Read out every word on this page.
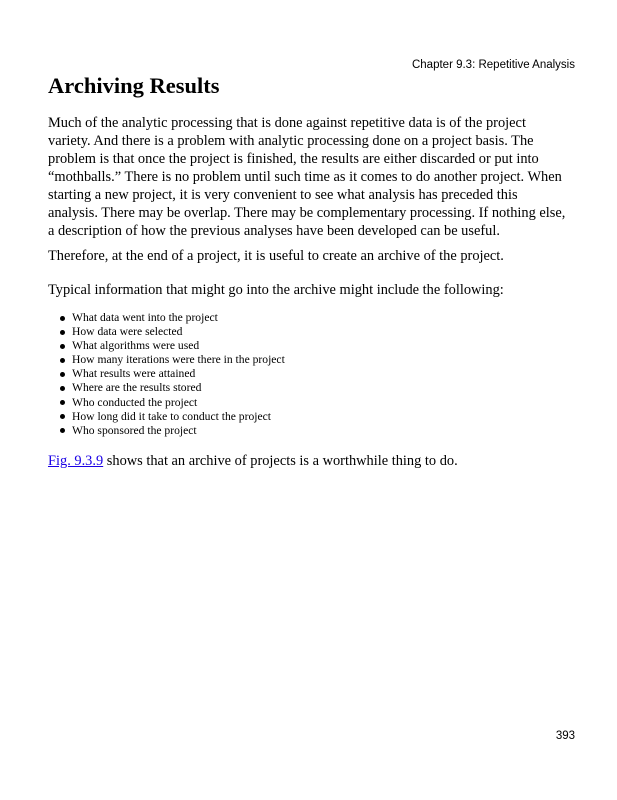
Chapter 9.3: Repetitive Analysis
Archiving Results

Much of the analytic processing that is done against repetitive data is of the project
variety. And there is a problem with analytic processing done on a project basis. The
problem is that once the project is finished, the results are either discarded or put into
“mothballs.” There is no problem until such time as it comes to do another project. When
starting a new project, it is very convenient to see what analysis has preceded this
analysis. There may be overlap. There may be complementary processing. If nothing else,
a description of how the previous analyses have been developed can be useful.

Therefore, at the end of a project, it is useful to create an archive of the project.

Typical information that might go into the archive might include the following:

What data went into the project
How data were selected
What algorithms were used
How many iterations were there in the project
What results were attained
Where are the results stored
Who conducted the project
How long did it take to conduct the project
Who sponsored the project

Fig. 9.3.9 shows that an archive of projects is a worthwhile thing to do.

393
